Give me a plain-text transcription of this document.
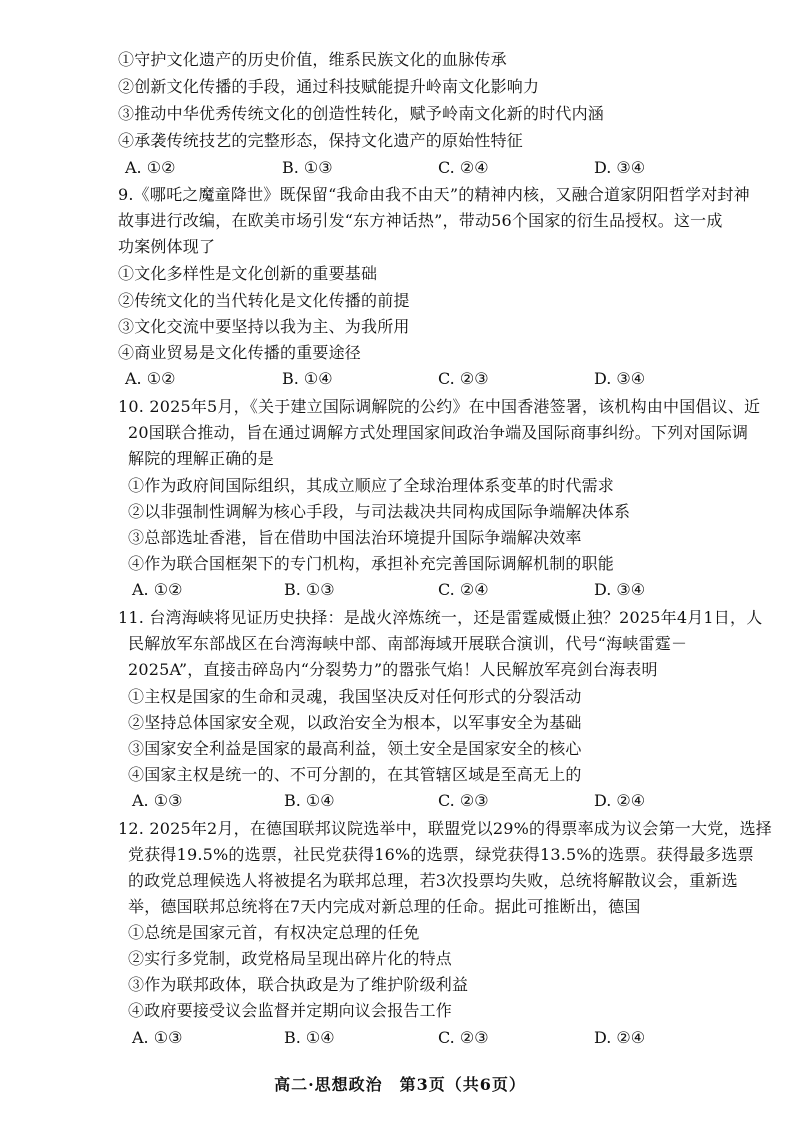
①守护文化遗产的历史价值，维系民族文化的血脉传承
②创新文化传播的手段，通过科技赋能提升岭南文化影响力
③推动中华优秀传统文化的创造性转化，赋予岭南文化新的时代内涵
④承袭传统技艺的完整形态，保持文化遗产的原始性特征
A. ①②	B. ①③	C. ②④	D. ③④
9.《哪吒之魔童降世》既保留“我命由我不由天”的精神内核，又融合道家阴阳哲学对封神
故事进行改编，在欧美市场引发“东方神话热”，带动56个国家的衍生品授权。这一成
功案例体现了
①文化多样性是文化创新的重要基础
②传统文化的当代转化是文化传播的前提
③文化交流中要坚持以我为主、为我所用
④商业贸易是文化传播的重要途径
A. ①②	B. ①④	C. ②③	D. ③④
10. 2025年5月，《关于建立国际调解院的公约》在中国香港签署，该机构由中国倡议、近
20国联合推动，旨在通过调解方式处理国家间政治争端及国际商事纠纷。下列对国际调
解院的理解正确的是
①作为政府间国际组织，其成立顺应了全球治理体系变革的时代需求
②以非强制性调解为核心手段，与司法裁决共同构成国际争端解决体系
③总部选址香港，旨在借助中国法治环境提升国际争端解决效率
④作为联合国框架下的专门机构，承担补充完善国际调解机制的职能
A. ①②	B. ①③	C. ②④	D. ③④
11. 台湾海峡将见证历史抉择：是战火淬炼统一，还是雷霆威慑止独？2025年4月1日，人
民解放军东部战区在台湾海峡中部、南部海域开展联合演训，代号“海峡雷霆－
2025A”，直接击碎岛内“分裂势力”的嚣张气焰！人民解放军亮剑台海表明
①主权是国家的生命和灵魂，我国坚决反对任何形式的分裂活动
②坚持总体国家安全观，以政治安全为根本，以军事安全为基础
③国家安全利益是国家的最高利益，领土安全是国家安全的核心
④国家主权是统一的、不可分割的，在其管辖区域是至高无上的
A. ①③	B. ①④	C. ②③	D. ②④
12. 2025年2月，在德国联邦议院选举中，联盟党以29%的得票率成为议会第一大党，选择
党获得19.5%的选票，社民党获得16%的选票，绿党获得13.5%的选票。获得最多选票
的政党总理候选人将被提名为联邦总理，若3次投票均失败，总统将解散议会，重新选
举，德国联邦总统将在7天内完成对新总理的任命。据此可推断出，德国
①总统是国家元首，有权决定总理的任免
②实行多党制，政党格局呈现出碎片化的特点
③作为联邦政体，联合执政是为了维护阶级利益
④政府要接受议会监督并定期向议会报告工作
A. ①③	B. ①④	C. ②③	D. ②④
高二·思想政治　第3页（共6页）
